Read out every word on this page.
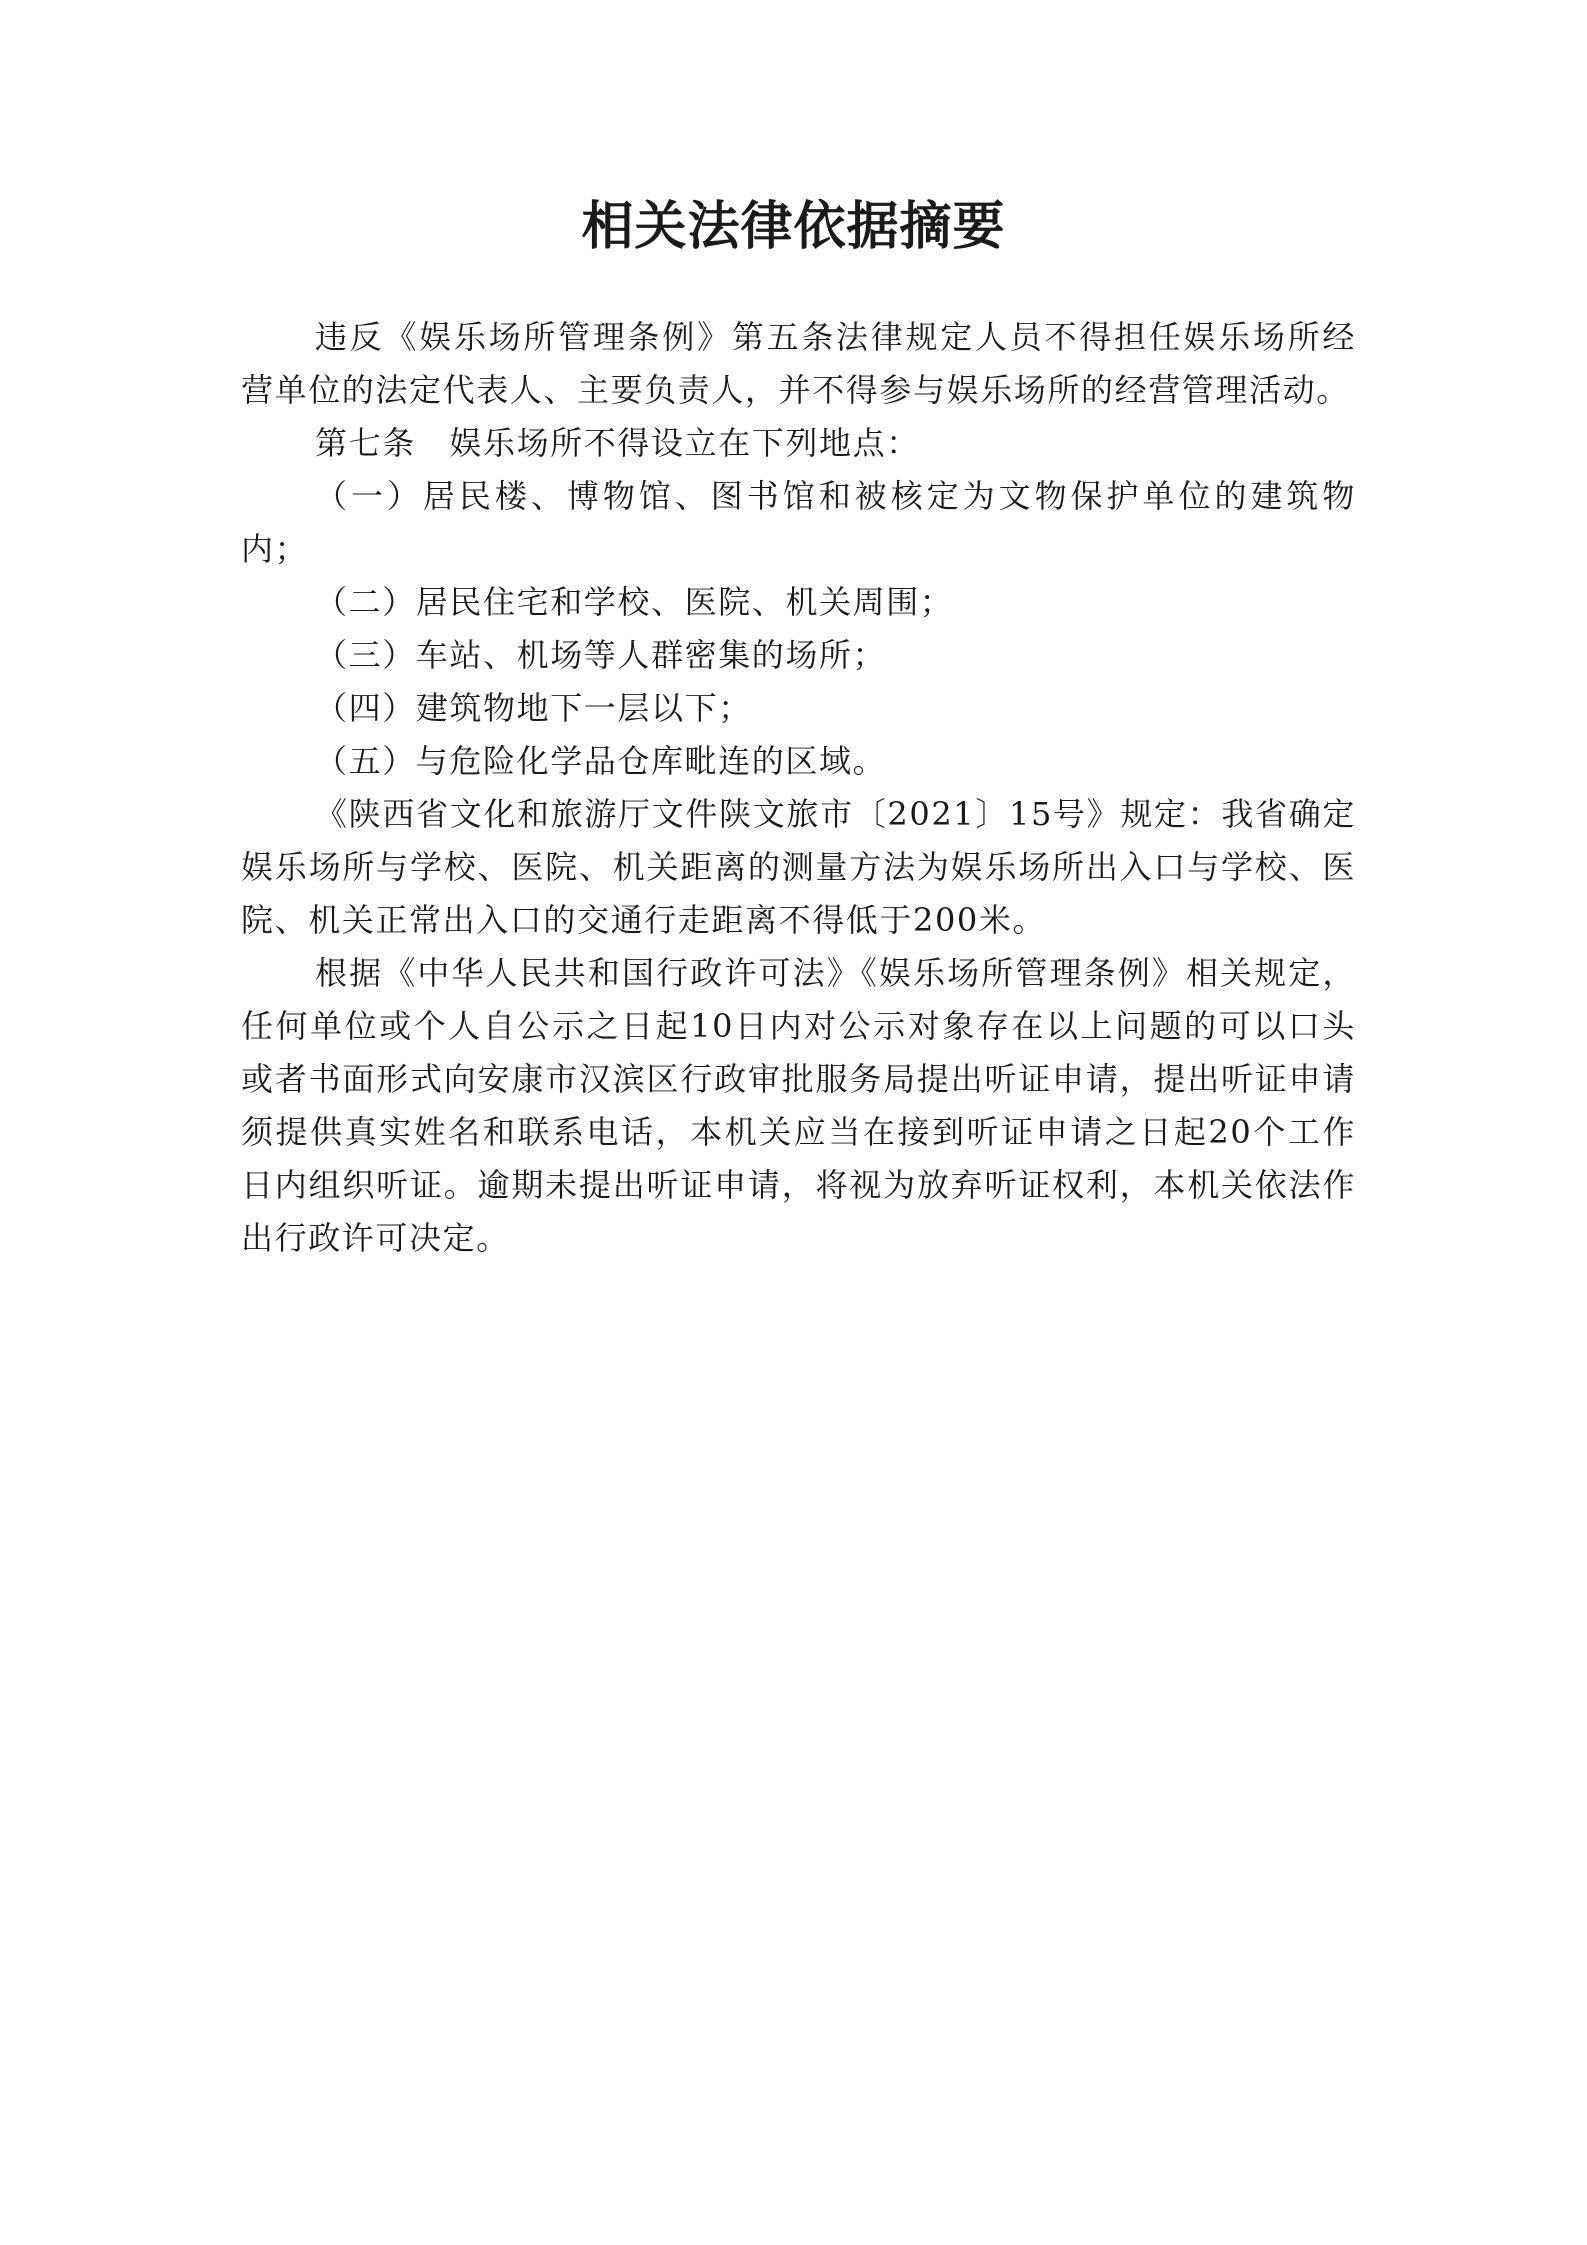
相关法律依据摘要

违反《娱乐场所管理条例》第五条法律规定人员不得担任娱乐场所经营单位的法定代表人、主要负责人，并不得参与娱乐场所的经营管理活动。

第七条　娱乐场所不得设立在下列地点：

（一）居民楼、博物馆、图书馆和被核定为文物保护单位的建筑物内；

（二）居民住宅和学校、医院、机关周围；

（三）车站、机场等人群密集的场所；

（四）建筑物地下一层以下；

（五）与危险化学品仓库毗连的区域。

《陕西省文化和旅游厅文件陕文旅市〔2021〕15号》规定：我省确定娱乐场所与学校、医院、机关距离的测量方法为娱乐场所出入口与学校、医院、机关正常出入口的交通行走距离不得低于200米。

根据《中华人民共和国行政许可法》《娱乐场所管理条例》相关规定，任何单位或个人自公示之日起10日内对公示对象存在以上问题的可以口头或者书面形式向安康市汉滨区行政审批服务局提出听证申请，提出听证申请须提供真实姓名和联系电话，本机关应当在接到听证申请之日起20个工作日内组织听证。逾期未提出听证申请，将视为放弃听证权利，本机关依法作出行政许可决定。
